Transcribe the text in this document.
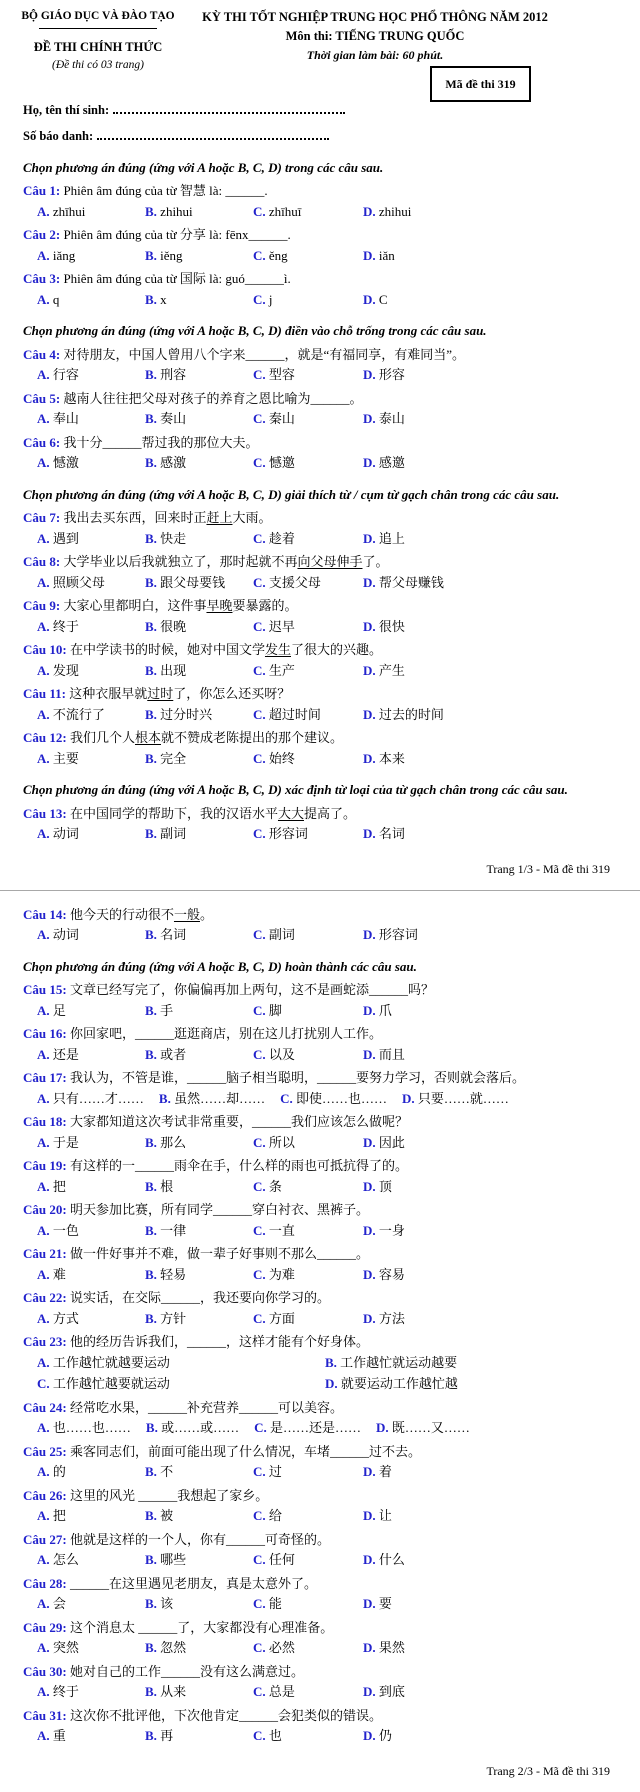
BỘ GIÁO DỤC VÀ ĐÀO TẠO
ĐỀ THI CHÍNH THỨC
(Đề thi có 03 trang)
KỲ THI TỐT NGHIỆP TRUNG HỌC PHỔ THÔNG NĂM 2012
Môn thi: TIẾNG TRUNG QUỐC
Thời gian làm bài: 60 phút.
Mã đề thi 319
Họ, tên thí sinh:
Số báo danh:

Chọn phương án đúng (ứng với A hoặc B, C, D) trong các câu sau.

Câu 1: Phiên âm đúng của từ 智慧 là: ______.

A. zhīhui	B. zhihui	C. zhīhuī	D. zhihui

Câu 2: Phiên âm đúng của từ 分享 là: fēnx______.

A. iǎng	B. iěng	C. ěng	D. iǎn

Câu 3: Phiên âm đúng của từ 国际 là: guó______ì.

A. q	B. x	C. j	D. C

Chọn phương án đúng (ứng với A hoặc B, C, D) điền vào chỗ trống trong các câu sau.

Câu 4: 对待朋友，中国人曾用八个字来______，就是“有福同享，有难同当”。

A. 行容	B. 刑容	C. 型容	D. 形容

Câu 5: 越南人往往把父母对孩子的养育之恩比喻为______。

A. 奉山	B. 奏山	C. 秦山	D. 泰山

Câu 6: 我十分______帮过我的那位大夫。

A. 憾激	B. 感激	C. 憾邀	D. 感邀

Chọn phương án đúng (ứng với A hoặc B, C, D) giải thích từ / cụm từ gạch chân trong các câu sau.

Câu 7: 我出去买东西，回来时正赶上大雨。

A. 遇到	B. 快走	C. 趁着	D. 追上

Câu 8: 大学毕业以后我就独立了，那时起就不再向父母伸手了。

A. 照顾父母	B. 跟父母要钱	C. 支援父母	D. 帮父母赚钱

Câu 9: 大家心里都明白，这件事早晚要暴露的。

A. 终于	B. 很晚	C. 迟早	D. 很快

Câu 10: 在中学读书的时候，她对中国文学发生了很大的兴趣。

A. 发现	B. 出现	C. 生产	D. 产生

Câu 11: 这种衣服早就过时了，你怎么还买呀？

A. 不流行了	B. 过分时兴	C. 超过时间	D. 过去的时间

Câu 12: 我们几个人根本就不赞成老陈提出的那个建议。

A. 主要	B. 完全	C. 始终	D. 本来

Chọn phương án đúng (ứng với A hoặc B, C, D) xác định từ loại của từ gạch chân trong các câu sau.

Câu 13: 在中国同学的帮助下，我的汉语水平大大提高了。

A. 动词	B. 副词	C. 形容词	D. 名词
Trang 1/3 - Mã đề thi 319

Câu 14: 他今天的行动很不一般。

A. 动词	B. 名词	C. 副词	D. 形容词

Chọn phương án đúng (ứng với A hoặc B, C, D) hoàn thành các câu sau.

Câu 15: 文章已经写完了，你偏偏再加上两句，这不是画蛇添______吗？

A. 足	B. 手	C. 脚	D. 爪

Câu 16: 你回家吧，______逛逛商店，别在这儿打扰别人工作。

A. 还是	B. 或者	C. 以及	D. 而且

Câu 17: 我认为，不管是谁，______脑子相当聪明，______要努力学习，否则就会落后。

A. 只有……才…… B. 虽然……却…… C. 即使……也…… D. 只要……就……

Câu 18: 大家都知道这次考试非常重要，______我们应该怎么做呢？

A. 于是	B. 那么	C. 所以	D. 因此

Câu 19: 有这样的一______雨伞在手，什么样的雨也可抵抗得了的。

A. 把	B. 根	C. 条	D. 顶

Câu 20: 明天参加比赛，所有同学______穿白衬衣、黑裤子。

A. 一色	B. 一律	C. 一直	D. 一身

Câu 21: 做一件好事并不难，做一辈子好事则不那么______。

A. 难	B. 轻易	C. 为难	D. 容易

Câu 22: 说实话，在交际______，我还要向你学习的。

A. 方式	B. 方针	C. 方面	D. 方法

Câu 23: 他的经历告诉我们，______，这样才能有个好身体。

A. 工作越忙就越要运动	B. 工作越忙就运动越要
C. 工作越忙越要就运动	D. 就要运动工作越忙越

Câu 24: 经常吃水果，______补充营养______可以美容。

A. 也……也…… B. 或……或…… C. 是……还是…… D. 既……又……

Câu 25: 乘客同志们，前面可能出现了什么情况，车堵______过不去。

A. 的	B. 不	C. 过	D. 着

Câu 26: 这里的风光 ______我想起了家乡。

A. 把	B. 被	C. 给	D. 让

Câu 27: 他就是这样的一个人，你有______可奇怪的。

A. 怎么	B. 哪些	C. 任何	D. 什么

Câu 28: ______在这里遇见老朋友，真是太意外了。

A. 会	B. 该	C. 能	D. 要

Câu 29: 这个消息太 ______了，大家都没有心理准备。

A. 突然	B. 忽然	C. 必然	D. 果然

Câu 30: 她对自己的工作______没有这么满意过。

A. 终于	B. 从来	C. 总是	D. 到底

Câu 31: 这次你不批评他，下次他肯定______会犯类似的错误。

A. 重	B. 再	C. 也	D. 仍
Trang 2/3 - Mã đề thi 319
